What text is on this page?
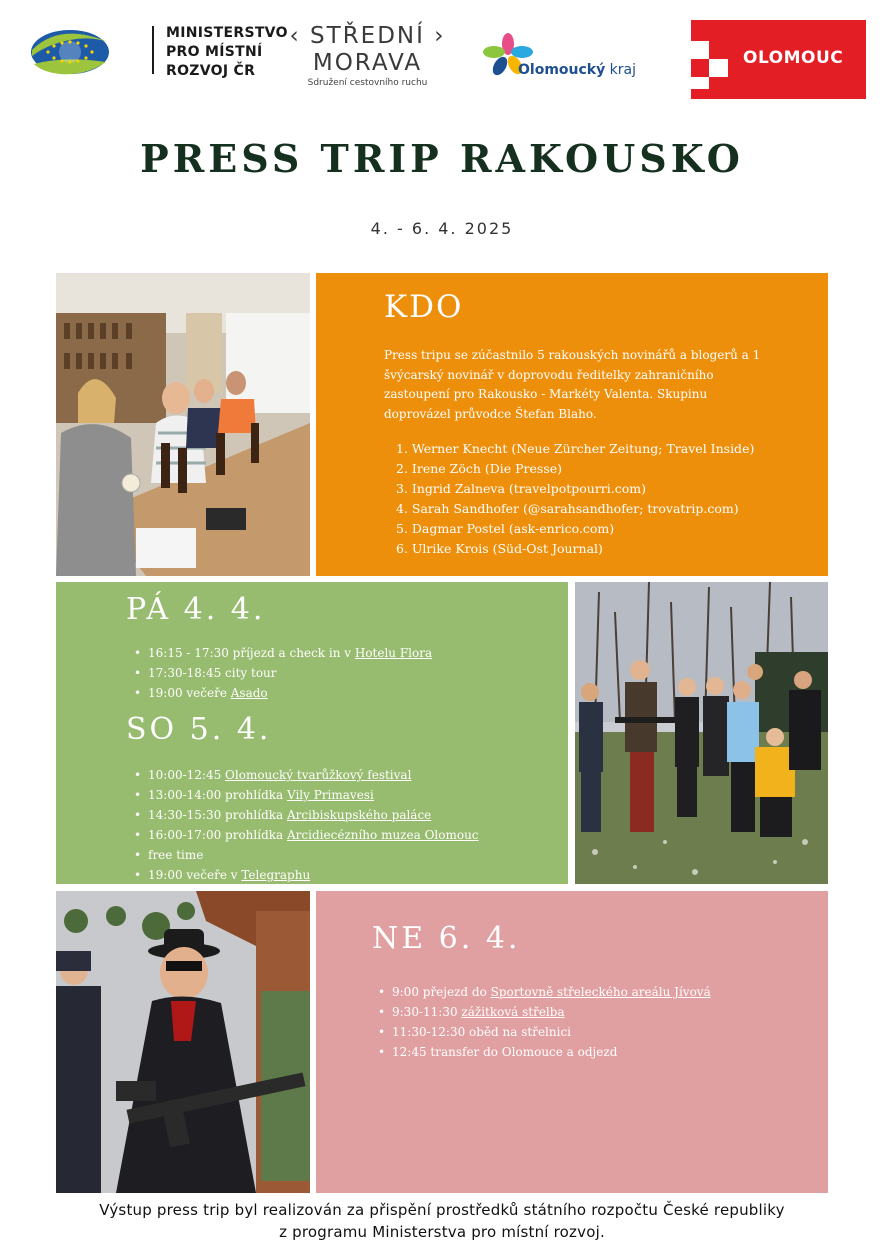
MINISTERSTVO
PRO MÍSTNÍ
ROZVOJ ČR
‹ STŘEDNÍ ›
MORAVA
Sdružení cestovního ruchu
Olomoucký kraj
OLOMOUC
PRESS TRIP RAKOUSKO
4. - 6. 4. 2025
KDO

Press tripu se zúčastnilo 5 rakouských novinářů a blogerů a 1 švýcarský novinář v doprovodu ředitelky zahraničního zastoupení pro Rakousko - Markéty Valenta. Skupinu doprovázel průvodce Štefan Blaho.

1. Werner Knecht (Neue Zürcher Zeitung; Travel Inside)
2. Irene Zöch (Die Presse)
3. Ingrid Zalneva (travelpotpourri.com)
4. Sarah Sandhofer (@sarahsandhofer; trovatrip.com)
5. Dagmar Postel (ask-enrico.com)
6. Ulrike Krois (Süd-Ost Journal)
PÁ 4. 4.
• 16:15 - 17:30 příjezd a check in v Hotelu Flora
• 17:30-18:45 city tour
• 19:00 večeře Asado
SO 5. 4.
• 10:00-12:45 Olomoucký tvarůžkový festival
• 13:00-14:00 prohlídka Vily Primavesi
• 14:30-15:30 prohlídka Arcibiskupského paláce
• 16:00-17:00 prohlídka Arcidiecézního muzea Olomouc
• free time
• 19:00 večeře v Telegraphu
NE 6. 4.
• 9:00 přejezd do Sportovně střeleckého areálu Jívová
• 9:30-11:30 zážitková střelba
• 11:30-12:30 oběd na střelnici
• 12:45 transfer do Olomouce a odjezd
Výstup press trip byl realizován za přispění prostředků státního rozpočtu České republiky
z programu Ministerstva pro místní rozvoj.
